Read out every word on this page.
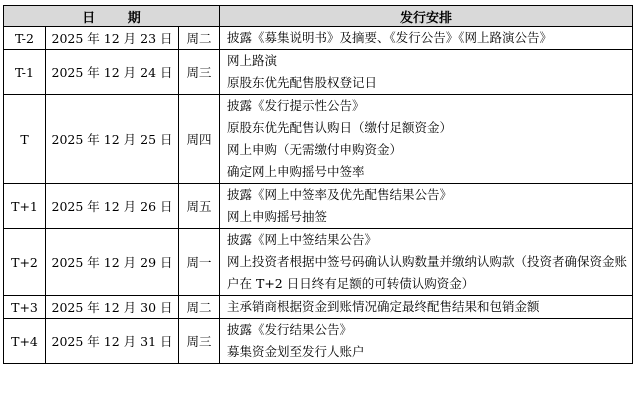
日 期			发行安排
T-2	2025 年 12 月 23 日	周二	披露《募集说明书》及摘要、《发行公告》《网上路演公告》

T-1	2025 年 12 月 24 日	周三	网上路演
原股东优先配售股权登记日

T	2025 年 12 月 25 日	周四	披露《发行提示性公告》
原股东优先配售认购日（缴付足额资金）
网上申购（无需缴付申购资金）
确定网上申购摇号中签率

T+1	2025 年 12 月 26 日	周五	披露《网上中签率及优先配售结果公告》
网上申购摇号抽签

T+2	2025 年 12 月 29 日	周一	披露《网上中签结果公告》
网上投资者根据中签号码确认认购数量并缴纳认购款（投资者确保资金账户在 T+2 日日终有足额的可转债认购资金）

T+3	2025 年 12 月 30 日	周二	主承销商根据资金到账情况确定最终配售结果和包销金额

T+4	2025 年 12 月 31 日	周三	披露《发行结果公告》
募集资金划至发行人账户
